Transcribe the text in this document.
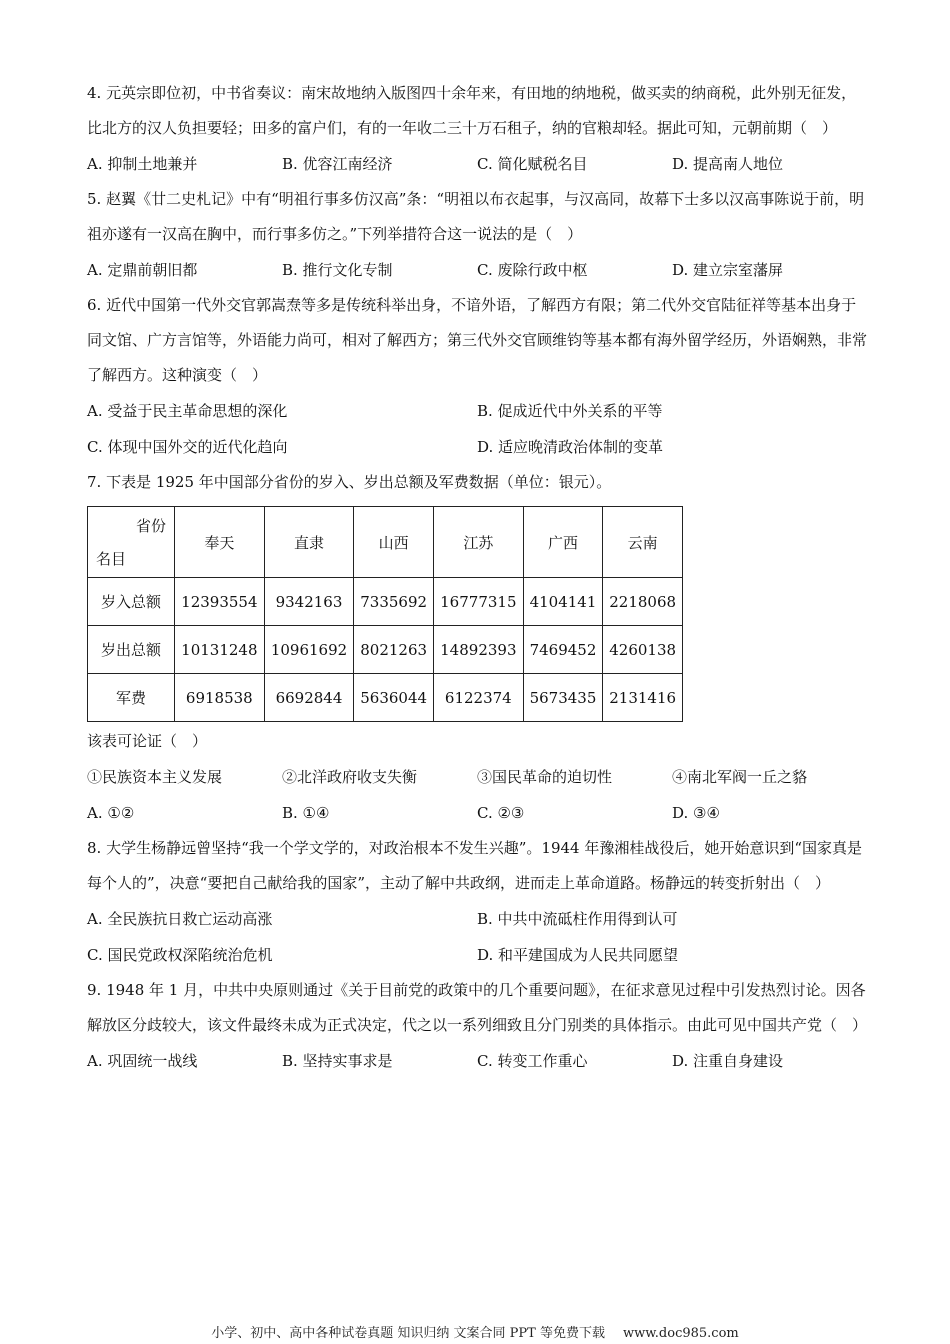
4. 元英宗即位初，中书省奏议：南宋故地纳入版图四十余年来，有田地的纳地税，做买卖的纳商税，此外别无征发，比北方的汉人负担要轻；田多的富户们，有的一年收二三十万石租子，纳的官粮却轻。据此可知，元朝前期（　）

A. 抑制土地兼并	B. 优容江南经济	C. 简化赋税名目	D. 提高南人地位

5. 赵翼《廿二史札记》中有“明祖行事多仿汉高”条：“明祖以布衣起事，与汉高同，故幕下士多以汉高事陈说于前，明祖亦遂有一汉高在胸中，而行事多仿之。”下列举措符合这一说法的是（　）

A. 定鼎前朝旧都	B. 推行文化专制	C. 废除行政中枢	D. 建立宗室藩屏

6. 近代中国第一代外交官郭嵩焘等多是传统科举出身，不谙外语，了解西方有限；第二代外交官陆征祥等基本出身于同文馆、广方言馆等，外语能力尚可，相对了解西方；第三代外交官顾维钧等基本都有海外留学经历，外语娴熟，非常了解西方。这种演变（　）

A. 受益于民主革命思想的深化	B. 促成近代中外关系的平等
C. 体现中国外交的近代化趋向	D. 适应晚清政治体制的变革

7. 下表是 1925 年中国部分省份的岁入、岁出总额及军费数据（单位：银元）。

省份
名目	奉天	直隶	山西	江苏	广西	云南
岁入总额	12393554	9342163	7335692	16777315	4104141	2218068
岁出总额	10131248	10961692	8021263	14892393	7469452	4260138
军费	6918538	6692844	5636044	6122374	5673435	2131416

该表可论证（　）

①民族资本主义发展	②北洋政府收支失衡	③国民革命的迫切性	④南北军阀一丘之貉
A. ①②	B. ①④	C. ②③	D. ③④

8. 大学生杨静远曾坚持“我一个学文学的，对政治根本不发生兴趣”。1944 年豫湘桂战役后，她开始意识到“国家真是每个人的”，决意“要把自己献给我的国家”，主动了解中共政纲，进而走上革命道路。杨静远的转变折射出（　）

A. 全民族抗日救亡运动高涨	B. 中共中流砥柱作用得到认可
C. 国民党政权深陷统治危机	D. 和平建国成为人民共同愿望

9. 1948 年 1 月，中共中央原则通过《关于目前党的政策中的几个重要问题》，在征求意见过程中引发热烈讨论。因各解放区分歧较大，该文件最终未成为正式决定，代之以一系列细致且分门别类的具体指示。由此可见中国共产党（　）

A. 巩固统一战线	B. 坚持实事求是	C. 转变工作重心	D. 注重自身建设
小学、初中、高中各种试卷真题 知识归纳 文案合同 PPT 等免费下载 www.doc985.com
